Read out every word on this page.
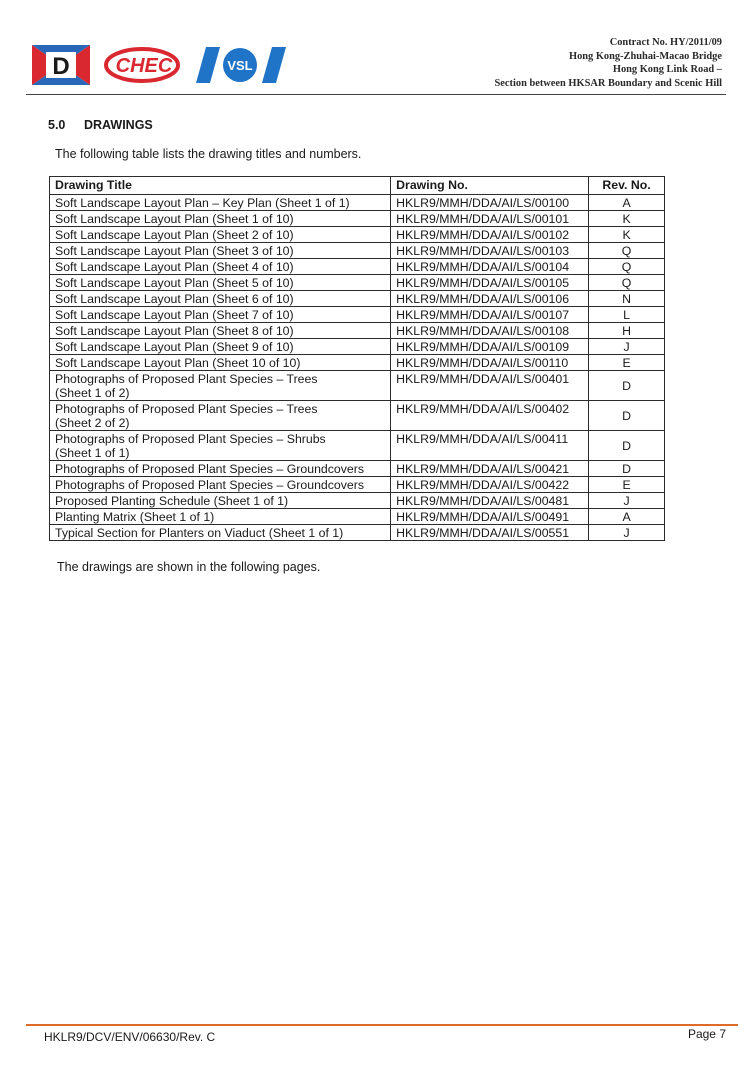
D CHEC	VSL
Contract No. HY/2011/09
Hong Kong-Zhuhai-Macao Bridge
Hong Kong Link Road –
Section between HKSAR Boundary and Scenic Hill
5.0 DRAWINGS
The following table lists the drawing titles and numbers.
Drawing Title	Drawing No.	Rev. No.

Soft Landscape Layout Plan – Key Plan (Sheet 1 of 1)	HKLR9/MMH/DDA/AI/LS/00100	A

Soft Landscape Layout Plan (Sheet 1 of 10)	HKLR9/MMH/DDA/AI/LS/00101	K

Soft Landscape Layout Plan (Sheet 2 of 10)	HKLR9/MMH/DDA/AI/LS/00102	K

Soft Landscape Layout Plan (Sheet 3 of 10)	HKLR9/MMH/DDA/AI/LS/00103	Q

Soft Landscape Layout Plan (Sheet 4 of 10)	HKLR9/MMH/DDA/AI/LS/00104	Q

Soft Landscape Layout Plan (Sheet 5 of 10)	HKLR9/MMH/DDA/AI/LS/00105	Q

Soft Landscape Layout Plan (Sheet 6 of 10)	HKLR9/MMH/DDA/AI/LS/00106	N

Soft Landscape Layout Plan (Sheet 7 of 10)	HKLR9/MMH/DDA/AI/LS/00107	L

Soft Landscape Layout Plan (Sheet 8 of 10)	HKLR9/MMH/DDA/AI/LS/00108	H

Soft Landscape Layout Plan (Sheet 9 of 10)	HKLR9/MMH/DDA/AI/LS/00109	J

Soft Landscape Layout Plan (Sheet 10 of 10)	HKLR9/MMH/DDA/AI/LS/00110	E

Photographs of Proposed Plant Species – Trees
(Sheet 1 of 2)	HKLR9/MMH/DDA/AI/LS/00401	D

Photographs of Proposed Plant Species – Trees
(Sheet 2 of 2)	HKLR9/MMH/DDA/AI/LS/00402	D

Photographs of Proposed Plant Species – Shrubs
(Sheet 1 of 1)	HKLR9/MMH/DDA/AI/LS/00411	D

Photographs of Proposed Plant Species – Groundcovers	HKLR9/MMH/DDA/AI/LS/00421	D

Photographs of Proposed Plant Species – Groundcovers	HKLR9/MMH/DDA/AI/LS/00422	E

Proposed Planting Schedule (Sheet 1 of 1)	HKLR9/MMH/DDA/AI/LS/00481	J

Planting Matrix (Sheet 1 of 1)	HKLR9/MMH/DDA/AI/LS/00491	A

Typical Section for Planters on Viaduct (Sheet 1 of 1)	HKLR9/MMH/DDA/AI/LS/00551	J
The drawings are shown in the following pages.
HKLR9/DCV/ENV/06630/Rev. C	Page 7
